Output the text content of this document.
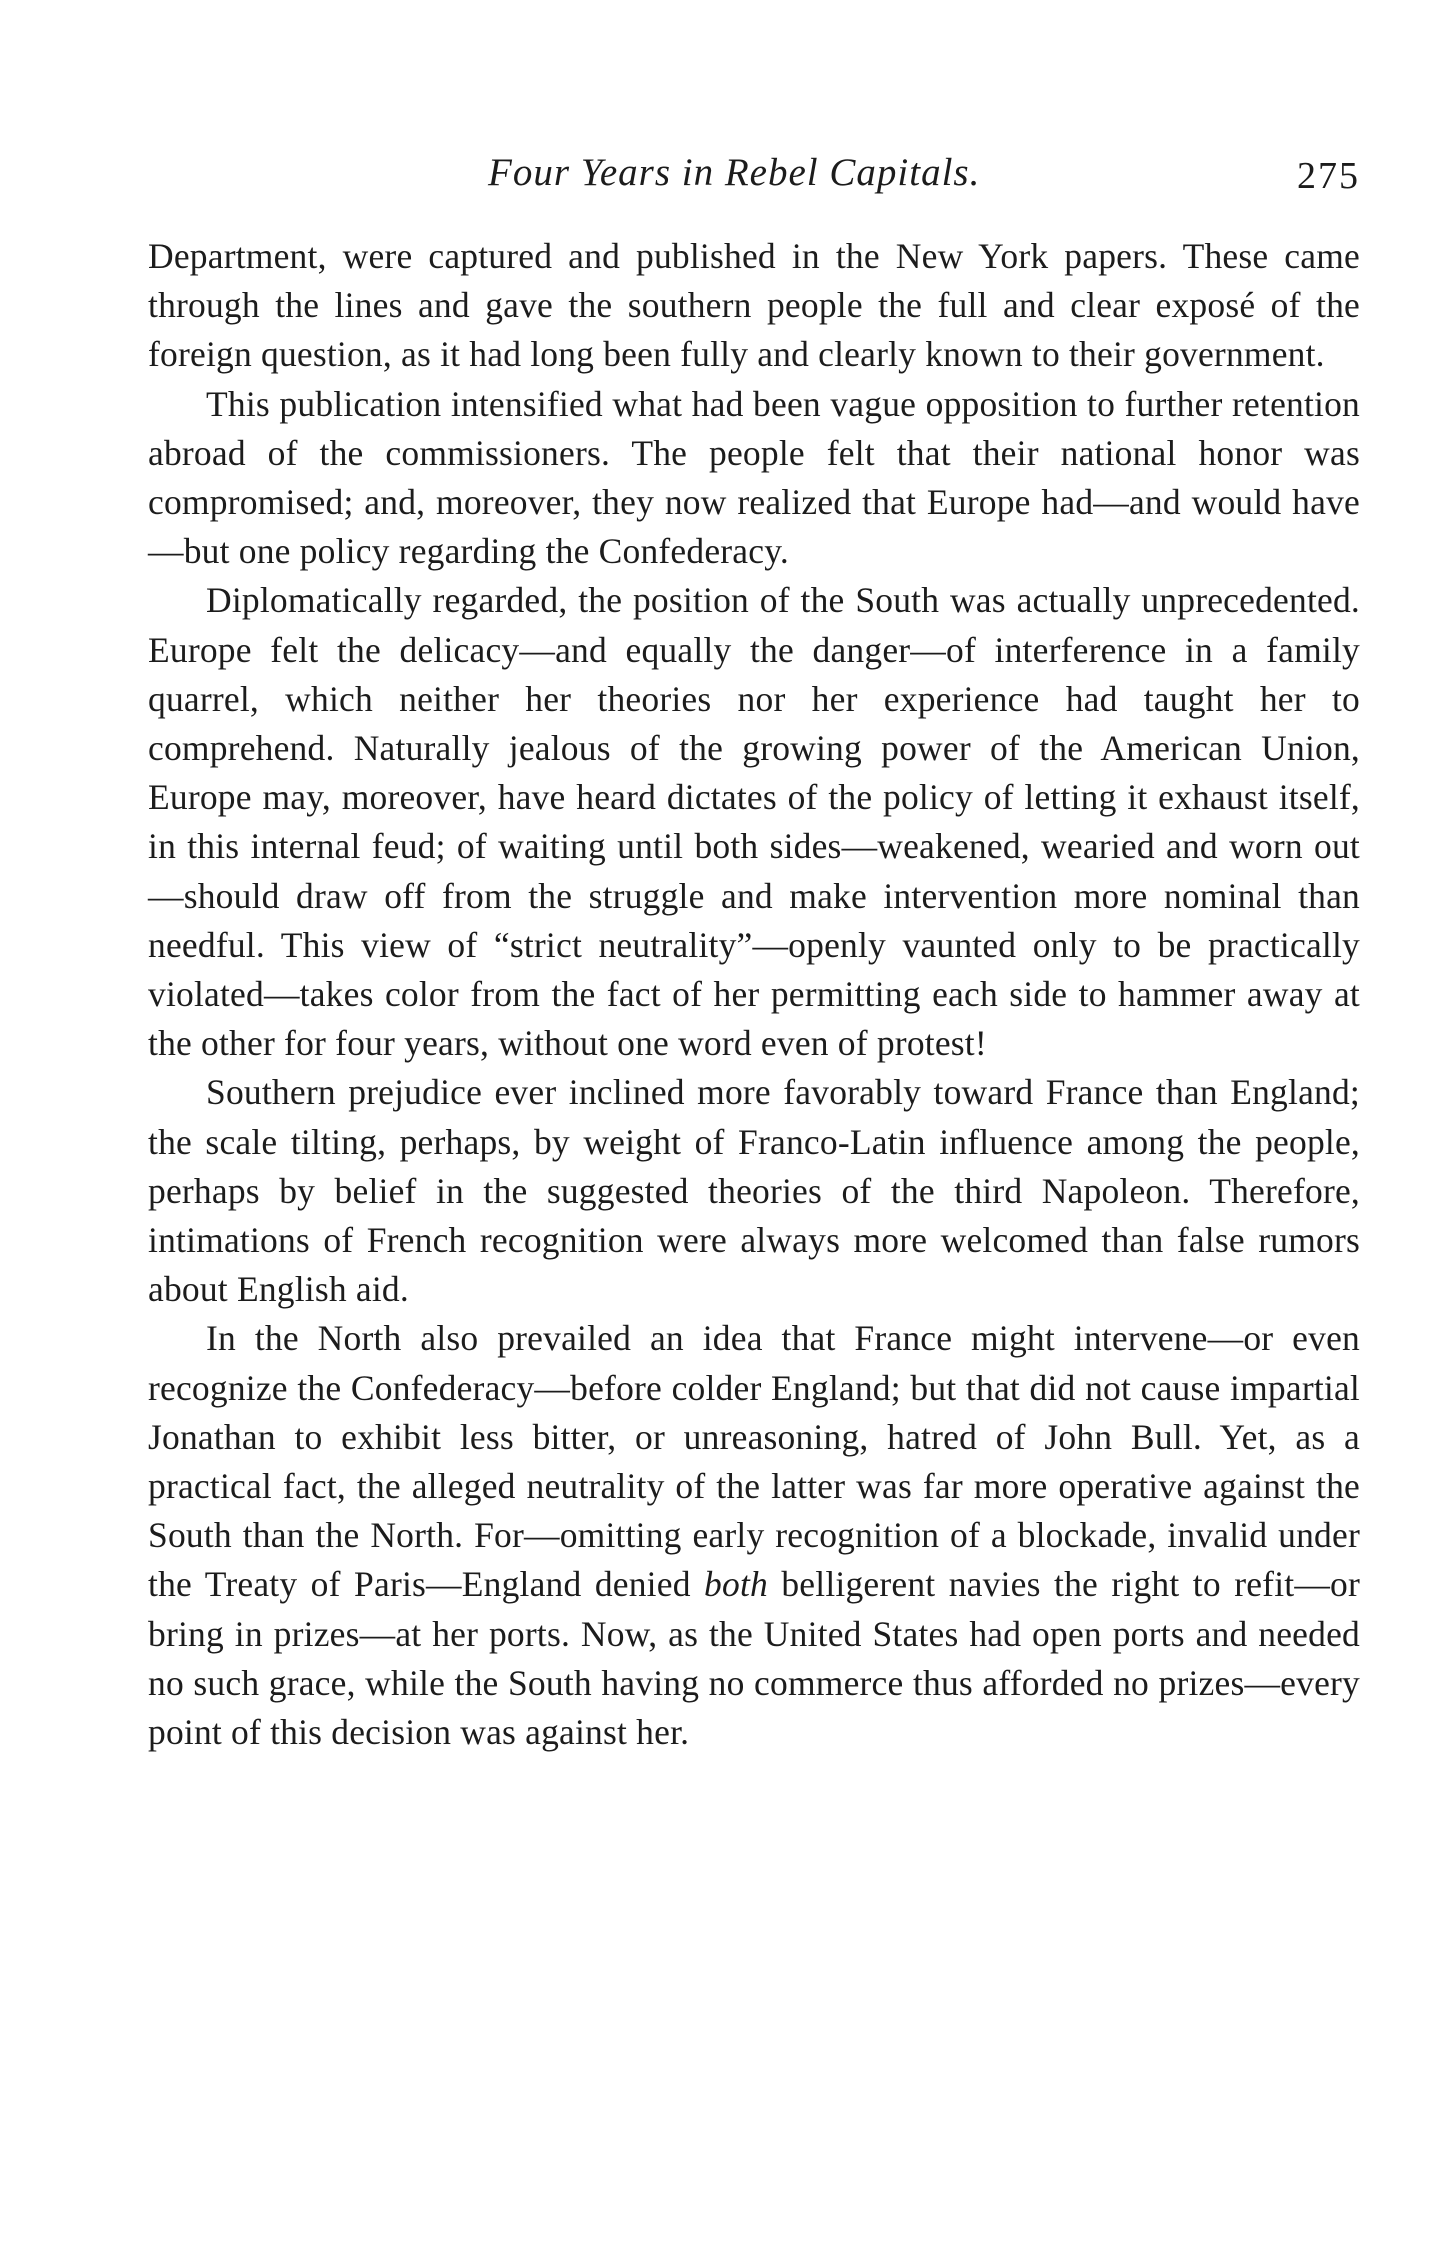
Four Years in Rebel Capitals.	275

Department, were captured and published in the New York papers. These came through the lines and gave the southern people the full and clear exposé of the foreign question, as it had long been fully and clearly known to their government.

This publication intensified what had been vague opposition to further retention abroad of the commissioners. The people felt that their national honor was compromised; and, moreover, they now realized that Europe had—and would have—but one policy regarding the Confederacy.

Diplomatically regarded, the position of the South was actually unprecedented. Europe felt the delicacy—and equally the danger—of interference in a family quarrel, which neither her theories nor her experience had taught her to comprehend. Naturally jealous of the growing power of the American Union, Europe may, moreover, have heard dictates of the policy of letting it exhaust itself, in this internal feud; of waiting until both sides—weakened, wearied and worn out—should draw off from the struggle and make intervention more nominal than needful. This view of “strict neutrality”—openly vaunted only to be practically violated—takes color from the fact of her permitting each side to hammer away at the other for four years, without one word even of protest!

Southern prejudice ever inclined more favorably toward France than England; the scale tilting, perhaps, by weight of Franco-Latin influence among the people, perhaps by belief in the suggested theories of the third Napoleon. Therefore, intimations of French recognition were always more welcomed than false rumors about English aid.

In the North also prevailed an idea that France might intervene—or even recognize the Confederacy—before colder England; but that did not cause impartial Jonathan to exhibit less bitter, or unreasoning, hatred of John Bull. Yet, as a practical fact, the alleged neutrality of the latter was far more operative against the South than the North. For—omitting early recognition of a blockade, invalid under the Treaty of Paris—England denied both belligerent navies the right to refit—or bring in prizes—at her ports. Now, as the United States had open ports and needed no such grace, while the South having no commerce thus afforded no prizes—every point of this decision was against her.
